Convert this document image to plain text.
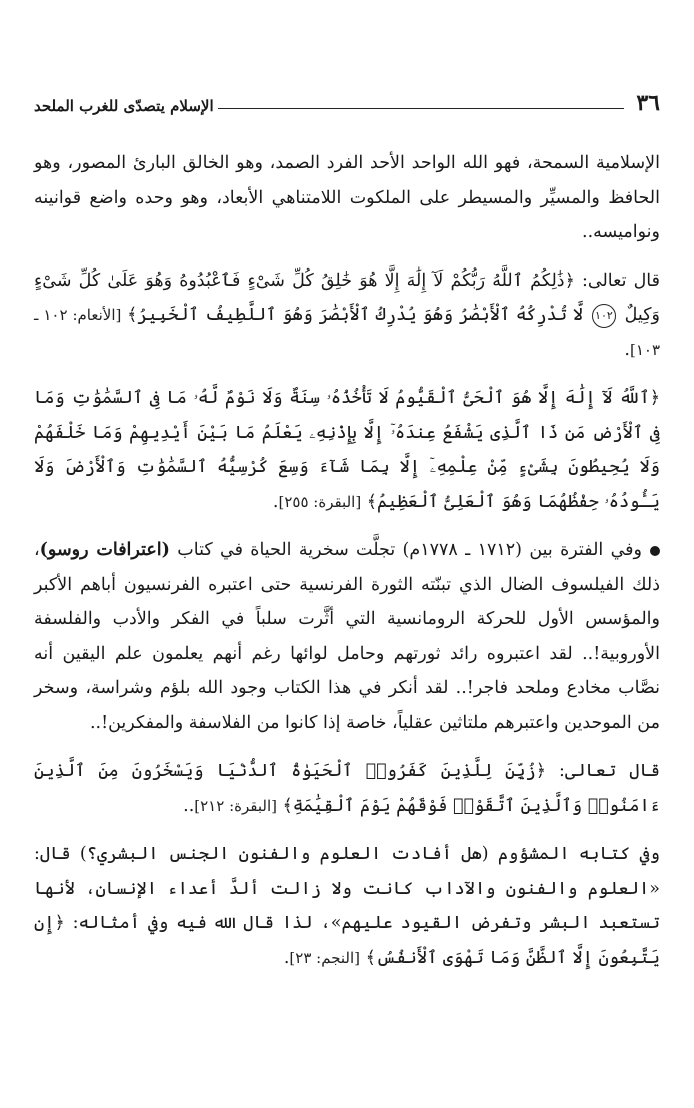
٣٦
الإسلام يتصدّى للغرب الملحد

الإسلامية السمحة، فهو الله الواحد الأحد الفرد الصمد، وهو الخالق البارئ المصور، وهو الحافظ والمسيِّر والمسيطر على الملكوت اللامتناهي الأبعاد، وهو وحده واضع قوانينه ونواميسه..

قال تعالى: ﴿ذَٰلِكُمُ ٱللَّهُ رَبُّكُمْ لَآ إِلَٰهَ إِلَّا هُوَ خَٰلِقُ كُلِّ شَىْءٍ فَٱعْبُدُوهُ وَهُوَ عَلَىٰ كُلِّ شَىْءٍ وَكِيلٌ ١٠٢ لَّا تُدْرِكُهُ ٱلْأَبْصَٰرُ وَهُوَ يُدْرِكُ ٱلْأَبْصَٰرَ وَهُوَ ٱللَّطِيفُ ٱلْخَبِيرُ﴾ [الأنعام: ١٠٢ ـ ١٠٣].

﴿ٱللَّهُ لَآ إِلَٰهَ إِلَّا هُوَ ٱلْحَىُّ ٱلْقَيُّومُ لَا تَأْخُذُهُۥ سِنَةٌ وَلَا نَوْمٌ لَّهُۥ مَا فِى ٱلسَّمَٰوَٰتِ وَمَا فِى ٱلْأَرْضِ مَن ذَا ٱلَّذِى يَشْفَعُ عِندَهُۥٓ إِلَّا بِإِذْنِهِۦ يَعْلَمُ مَا بَيْنَ أَيْدِيهِمْ وَمَا خَلْفَهُمْ وَلَا يُحِيطُونَ بِشَىْءٍ مِّنْ عِلْمِهِۦٓ إِلَّا بِمَا شَآءَ وَسِعَ كُرْسِيُّهُ ٱلسَّمَٰوَٰتِ وَٱلْأَرْضَ وَلَا يَـُٔودُهُۥ حِفْظُهُمَا وَهُوَ ٱلْعَلِىُّ ٱلْعَظِيمُ﴾ [البقرة: ٢٥٥].

وفي الفترة بين (١٧١٢ ـ ١٧٧٨م) تجلَّت سخرية الحياة في كتاب (اعترافات روسو)، ذلك الفيلسوف الضال الذي تبنّته الثورة الفرنسية حتى اعتبره الفرنسيون أباهم الأكبر والمؤسس الأول للحركة الرومانسية التي أثَّرت سلباً في الفكر والأدب والفلسفة الأوروبية!.. لقد اعتبروه رائد ثورتهم وحامل لوائها رغم أنهم يعلمون علم اليقين أنه نصَّاب مخادع وملحد فاجر!.. لقد أنكر في هذا الكتاب وجود الله بلؤم وشراسة، وسخر من الموحدين واعتبرهم ملتاثين عقلياً، خاصة إذا كانوا من الفلاسفة والمفكرين!..

قال تعالى: ﴿زُيِّنَ لِلَّذِينَ كَفَرُوا۟ ٱلْحَيَوٰةُ ٱلدُّنْيَا وَيَسْخَرُونَ مِنَ ٱلَّذِينَ ءَامَنُوا۟ وَٱلَّذِينَ ٱتَّقَوْا۟ فَوْقَهُمْ يَوْمَ ٱلْقِيَٰمَةِ﴾ [البقرة: ٢١٢]..

وفي كتابه المشؤوم (هل أفادت العلوم والفنون الجنس البشري؟) قال: «العلوم والفنون والآداب كانت ولا زالت ألدَّ أعداء الإنسان، لأنها تستعبد البشر وتفرض القيود عليهم»، لذا قال الله فيه وفي أمثاله: ﴿إِن يَتَّبِعُونَ إِلَّا ٱلظَّنَّ وَمَا تَهْوَى ٱلْأَنفُسُ﴾ [النجم: ٢٣].
